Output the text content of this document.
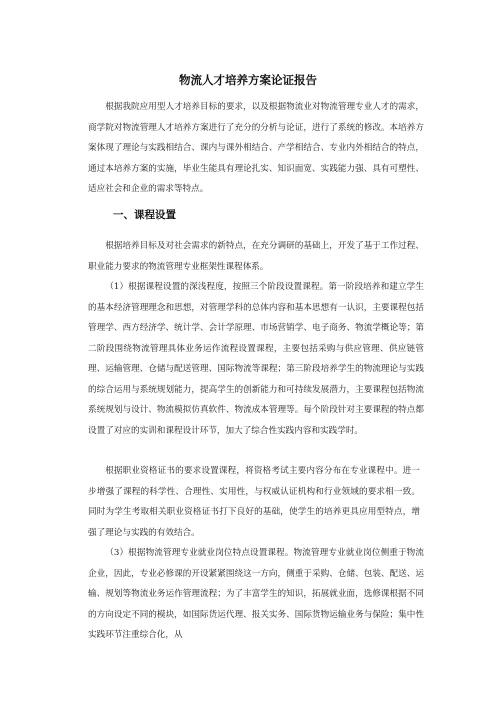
物流人才培养方案论证报告

根据我院应用型人才培养目标的要求，以及根据物流业对物流管理专业人才的需求，商学院对物流管理人才培养方案进行了充分的分析与论证，进行了系统的修改。本培养方案体现了理论与实践相结合、课内与课外相结合、产学相结合、专业内外相结合的特点，通过本培养方案的实施，毕业生能具有理论扎实、知识面宽、实践能力强、具有可塑性、适应社会和企业的需求等特点。

一、课程设置

根据培养目标及对社会需求的新特点，在充分调研的基础上，开发了基于工作过程、职业能力要求的物流管理专业框架性课程体系。

（1）根据课程设置的深浅程度，按照三个阶段设置课程。第一阶段培养和建立学生的基本经济管理理念和思想，对管理学科的总体内容和基本思想有一认识，主要课程包括管理学、西方经济学、统计学、会计学原理、市场营销学、电子商务、物流学概论等；第二阶段围绕物流管理具体业务运作流程设置课程，主要包括采购与供应管理、供应链管理、运输管理、仓储与配送管理、国际物流等课程；第三阶段培养学生的物流理论与实践的综合运用与系统规划能力，提高学生的创新能力和可持续发展潜力，主要课程包括物流系统规划与设计、物流模拟仿真软件、物流成本管理等。每个阶段针对主要课程的特点都设置了对应的实训和课程设计环节，加大了综合性实践内容和实践学时。

根据职业资格证书的要求设置课程，将资格考试主要内容分布在专业课程中。进一步增强了课程的科学性、合理性、实用性，与权威认证机构和行业领域的要求相一致。同时为学生考取相关职业资格证书打下良好的基础，使学生的培养更具应用型特点，增强了理论与实践的有效结合。

（3）根据物流管理专业就业岗位特点设置课程。物流管理专业就业岗位侧重于物流企业，因此，专业必修课的开设紧紧围绕这一方向，侧重于采购、仓储、包装、配送、运输、规划等物流业务运作管理流程；为了丰富学生的知识，拓展就业面，选修课根据不同的方向设定不同的模块，如国际货运代理、报关实务、国际货物运输业务与保险；集中性实践环节注重综合化，从
